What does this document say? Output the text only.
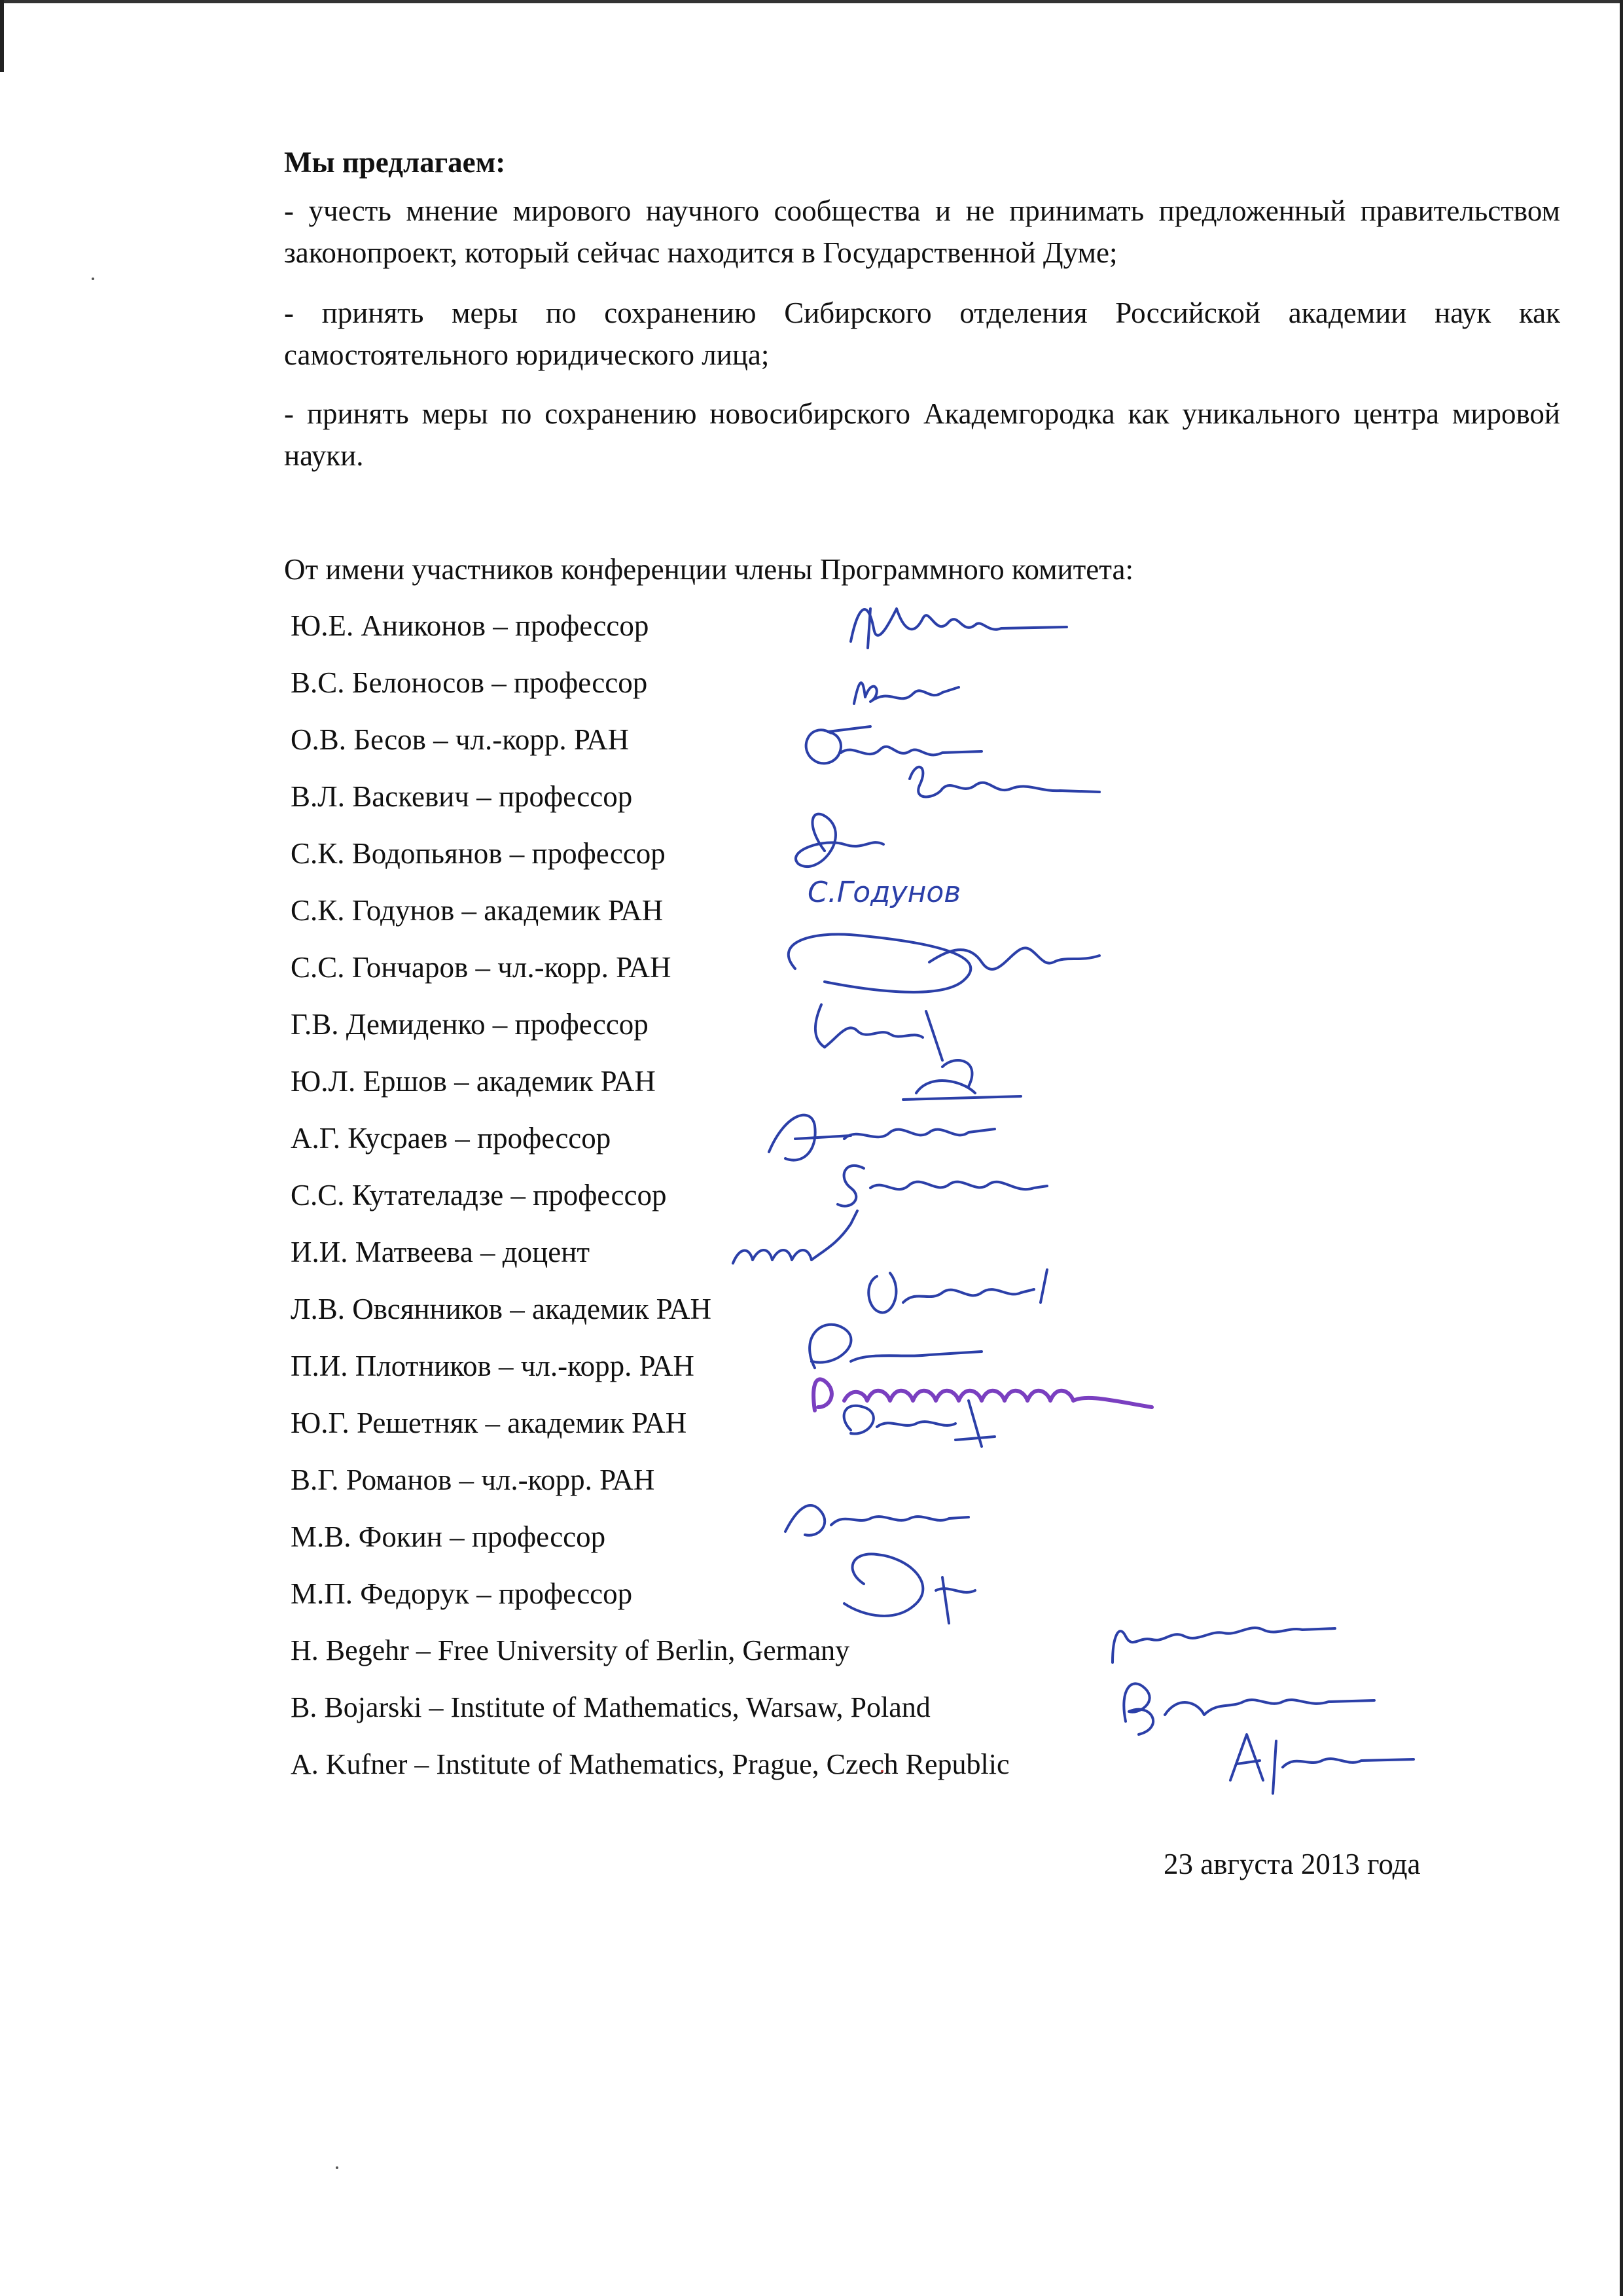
Мы предлагаем:
- учесть мнение мирового научного сообщества и не принимать предложенный правительством законопроект, который сейчас находится в Государственной Думе;
- принять меры по сохранению Сибирского отделения Российской академии наук как самостоятельного юридического лица;
- принять меры по сохранению новосибирского Академгородка как уникального центра мировой науки.
От имени участников конференции члены Программного комитета:
Ю.Е. Аниконов – профессор
В.С. Белоносов – профессор
О.В. Бесов – чл.-корр. РАН
В.Л. Васкевич – профессор
С.К. Водопьянов – профессор
С.К. Годунов – академик РАН
С.С. Гончаров – чл.-корр. РАН
Г.В. Демиденко – профессор
Ю.Л. Ершов – академик РАН
А.Г. Кусраев – профессор
С.С. Кутателадзе – профессор
И.И. Матвеева – доцент
Л.В. Овсянников – академик РАН
П.И. Плотников – чл.-корр. РАН
Ю.Г. Решетняк – академик РАН
В.Г. Романов – чл.-корр. РАН
М.В. Фокин – профессор
М.П. Федорук – профессор
H. Begehr – Free University of Berlin, Germany
B. Bojarski – Institute of Mathematics, Warsaw, Poland
A. Kufner – Institute of Mathematics, Prague, Czech Republic
23 августа 2013 года
С.Годунов
